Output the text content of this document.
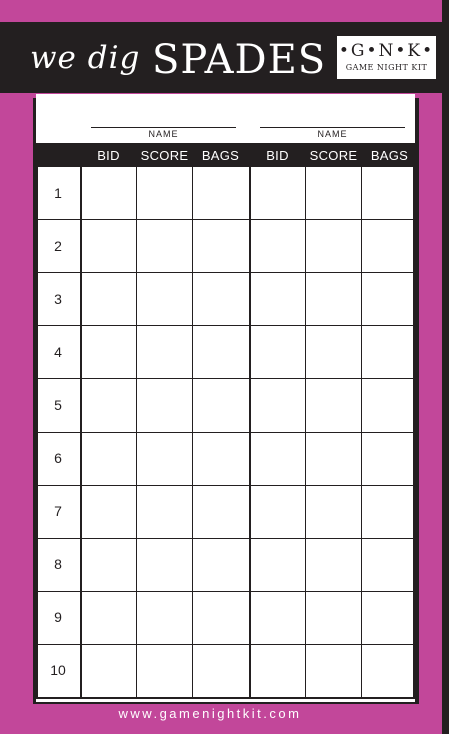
we dig SPADES •G•N•K•
GAME NIGHT KIT
NAME	NAME
BID	SCORE	BAGS	BID	SCORE	BAGS
1
2
3
4
5
6
7
8
9
10
www.gamenightkit.com
